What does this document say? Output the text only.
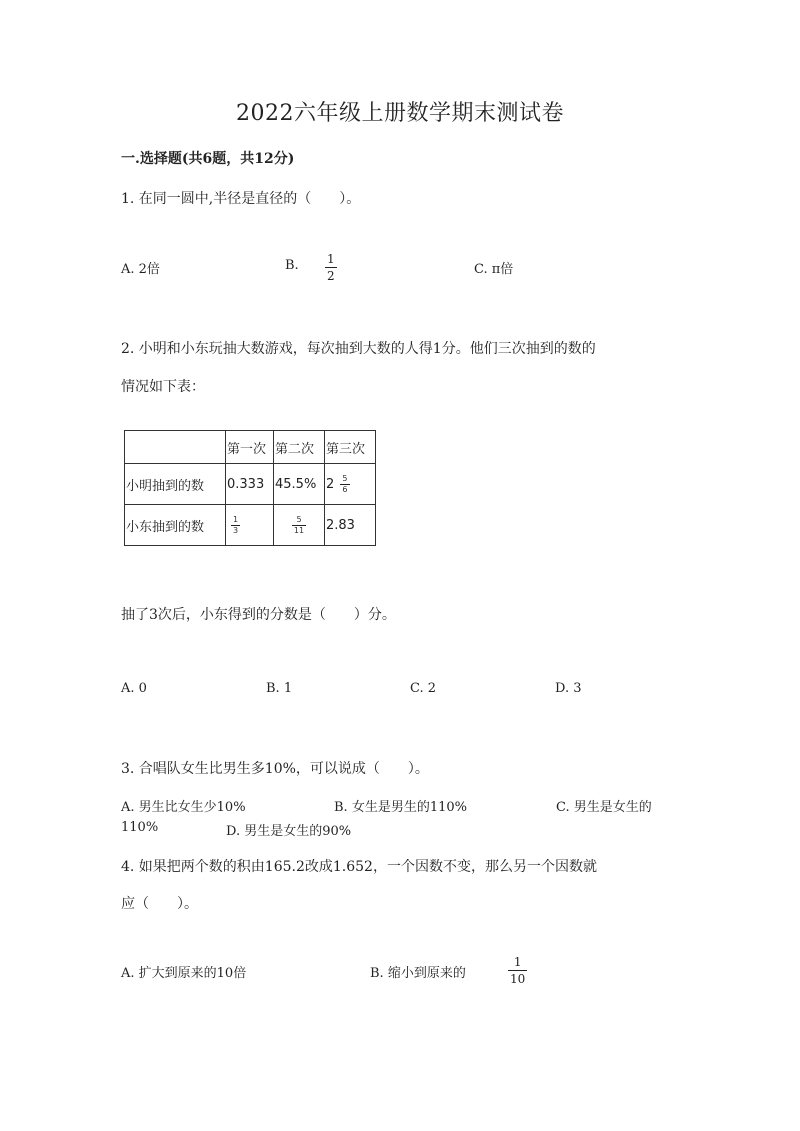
2022六年级上册数学期末测试卷
一.选择题(共6题，共12分)
1. 在同一圆中,半径是直径的（　　）。
A. 2倍	B. 1
2	C. π倍
2. 小明和小东玩抽大数游戏，每次抽到大数的人得1分。他们三次抽到的数的
情况如下表：
	第一次	第二次	第三次
小明抽到的数	0.333	45.5%	$2 \frac{5}{6}$

小东抽到的数	$\frac{1}{3}$	$\frac{5}{11}$	2.83
抽了3次后，小东得到的分数是（　　）分。
A. 0	B. 1	C. 2	D. 3
3. 合唱队女生比男生多10%，可以说成（　　）。
A. 男生比女生少10%	B. 女生是男生的110%	C. 男生是女生的
110%	D. 男生是女生的90%
4. 如果把两个数的积由165.2改成1.652，一个因数不变，那么另一个因数就
应（　　）。
A. 扩大到原来的10倍	B. 缩小到原来的
1
10
